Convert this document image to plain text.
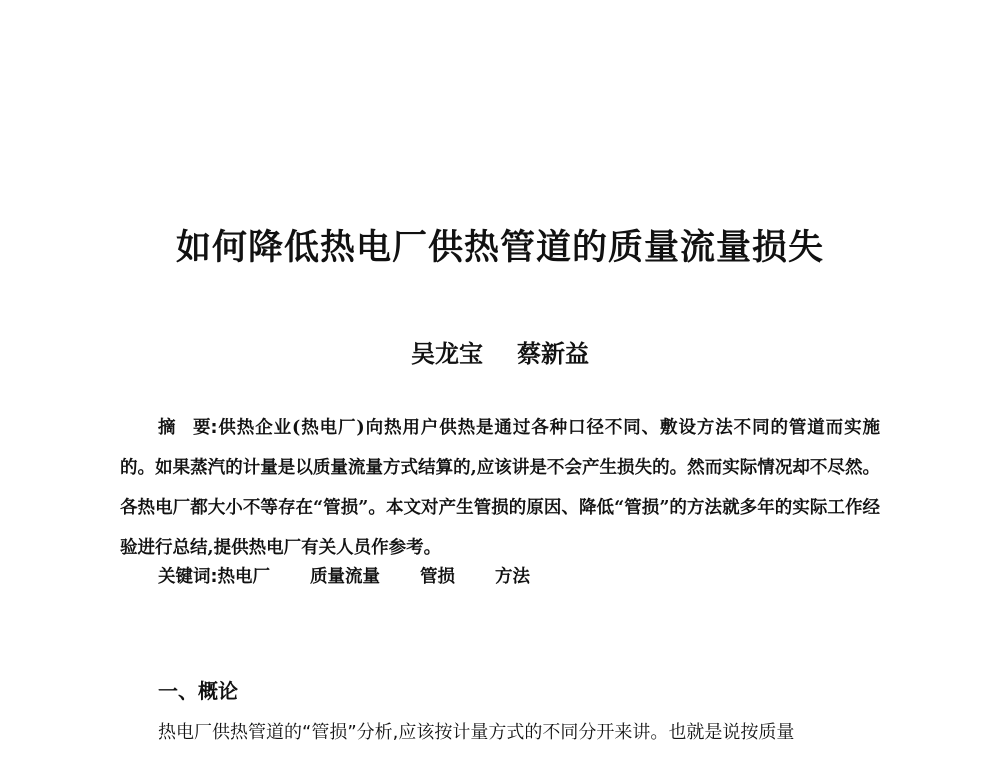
如何降低热电厂供热管道的质量流量损失
吴龙宝 蔡新益
摘　要:供热企业(热电厂)向热用户供热是通过各种口径不同、敷设方法不同的管道而实施的。如果蒸汽的计量是以质量流量方式结算的,应该讲是不会产生损失的。然而实际情况却不尽然。各热电厂都大小不等存在“管损”。本文对产生管损的原因、降低“管损”的方法就多年的实际工作经验进行总结,提供热电厂有关人员作参考。
关键词:热电厂 质量流量 管损 方法
一、概论
热电厂供热管道的“管损”分析,应该按计量方式的不同分开来讲。也就是说按质量
